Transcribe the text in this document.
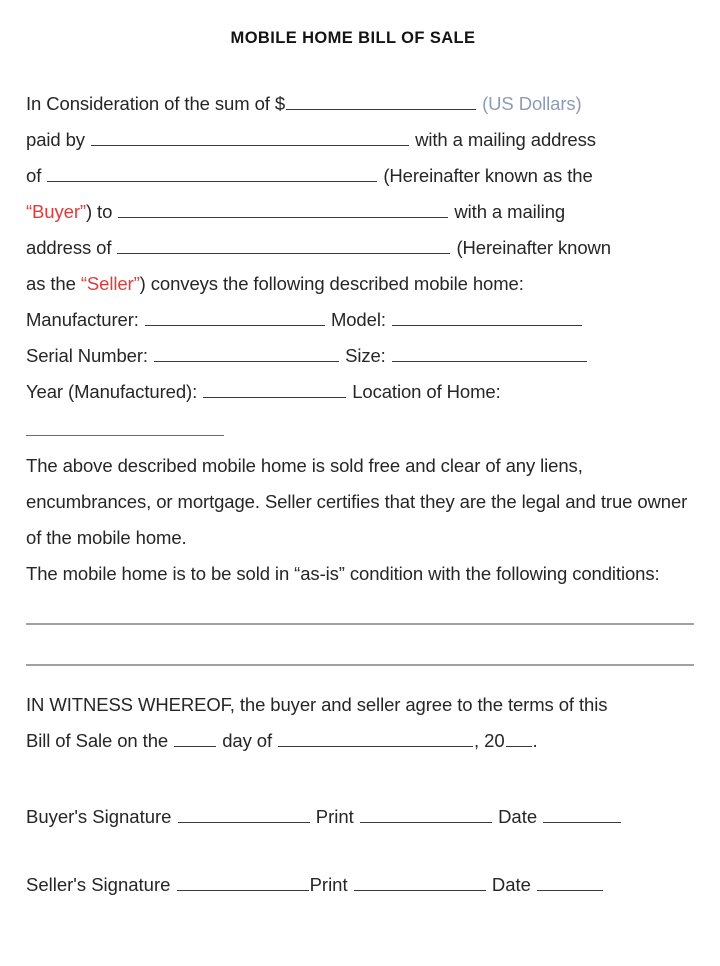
MOBILE HOME BILL OF SALE
In Consideration of the sum of $	(US Dollars)
paid by	with a mailing address
of	(Hereinafter known as the
“Buyer”) to	with a mailing
address of	(Hereinafter known
as the “Seller”) conveys the following described mobile home:
Manufacturer:	Model:
Serial Number:	Size:
Year (Manufactured):	Location of Home:
The above described mobile home is sold free and clear of any liens, encumbrances, or mortgage. Seller certifies that they are the legal and true owner of the mobile home.
The mobile home is to be sold in “as-is” condition with the following conditions:
IN WITNESS WHEREOF, the buyer and seller agree to the terms of this
Bill of Sale on the	day of	, 20 .
Buyer's Signature	Print	Date
Seller's Signature	Print	Date
